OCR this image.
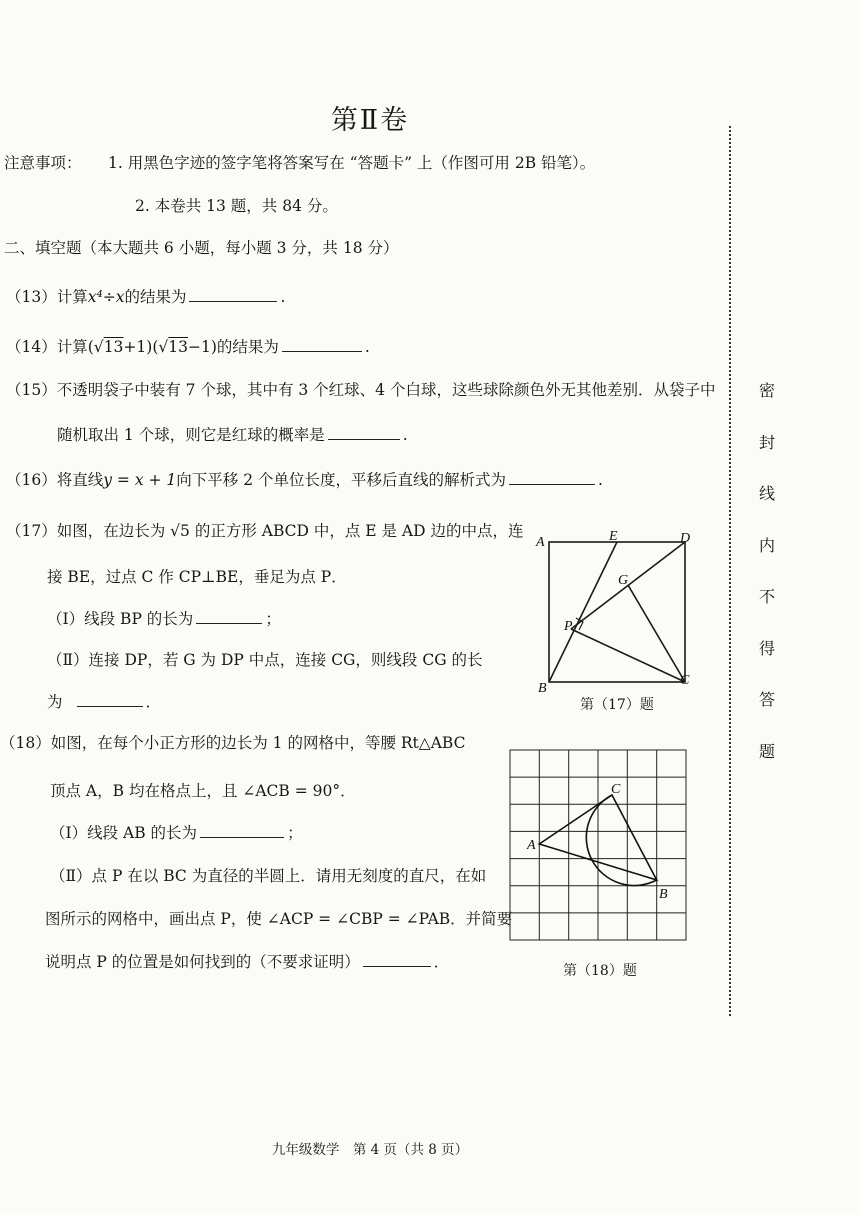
第Ⅱ卷
注意事项： 1. 用黑色字迹的签字笔将答案写在 “答题卡” 上（作图可用 2B 铅笔）。
2. 本卷共 13 题，共 84 分。
二、填空题（本大题共 6 小题，每小题 3 分，共 18 分）
（13）计算x⁴÷x的结果为	.
（14）计算(√13+1)(√13−1)的结果为	.
（15）不透明袋子中装有 7 个球，其中有 3 个红球、4 个白球，这些球除颜色外无其他差别．从袋子中
随机取出 1 个球，则它是红球的概率是	.
（16）将直线y = x + 1向下平移 2 个单位长度，平移后直线的解析式为	.
（17）如图，在边长为 √5 的正方形 ABCD 中，点 E 是 AD 边的中点，连
接 BE，过点 C 作 CP⊥BE，垂足为点 P．
（Ⅰ）线段 BP 的长为	；
（Ⅱ）连接 DP，若 G 为 DP 中点，连接 CG，则线段 CG 的长
为	．
A	E	D
G
P
B
C
第（17）题
（18）如图，在每个小正方形的边长为 1 的网格中，等腰 Rt△ABC
顶点 A，B 均在格点上，且 ∠ACB = 90°．
（Ⅰ）线段 AB 的长为	；
（Ⅱ）点 P 在以 BC 为直径的半圆上．请用无刻度的直尺，在如
图所示的网格中，画出点 P，使 ∠ACP = ∠CBP = ∠PAB．并简要
说明点 P 的位置是如何找到的（不要求证明）	．
A
C
B
第（18）题
密
封
线
内
不
得
答
题
九年级数学　第 4 页（共 8 页）
